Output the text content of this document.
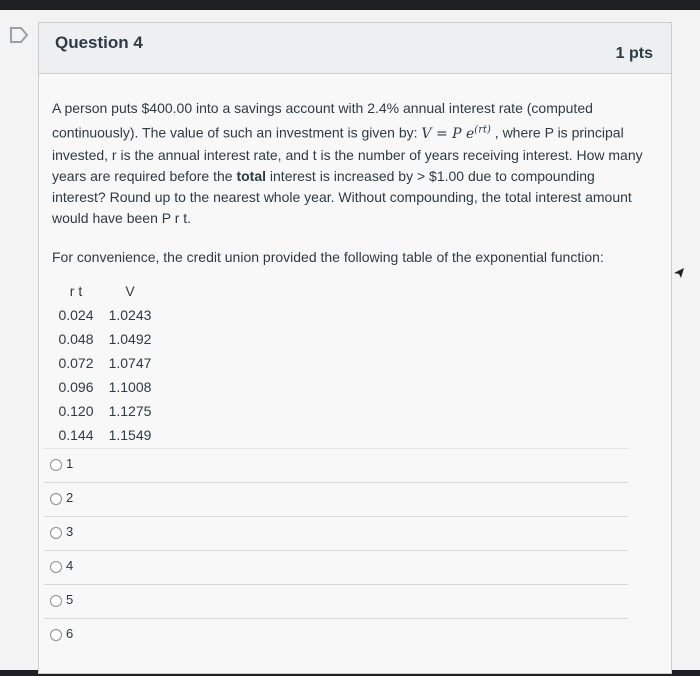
Question 4
1 pts
A person puts $400.00 into a savings account with 2.4% annual interest rate (computed continuously). The value of such an investment is given by: V = P $e^{(rt)}$ , where P is principal invested, r is the annual interest rate, and t is the number of years receiving interest. How many years are required before the total interest is increased by > $1.00 due to compounding interest? Round up to the nearest whole year. Without compounding, the total interest amount would have been P r t.
For convenience, the credit union provided the following table of the exponential function:
r t	V
0.024	1.0243
0.048	1.0492
0.072	1.0747
0.096	1.1008
0.120	1.1275
0.144	1.1549
1
2
3
4
5
6
